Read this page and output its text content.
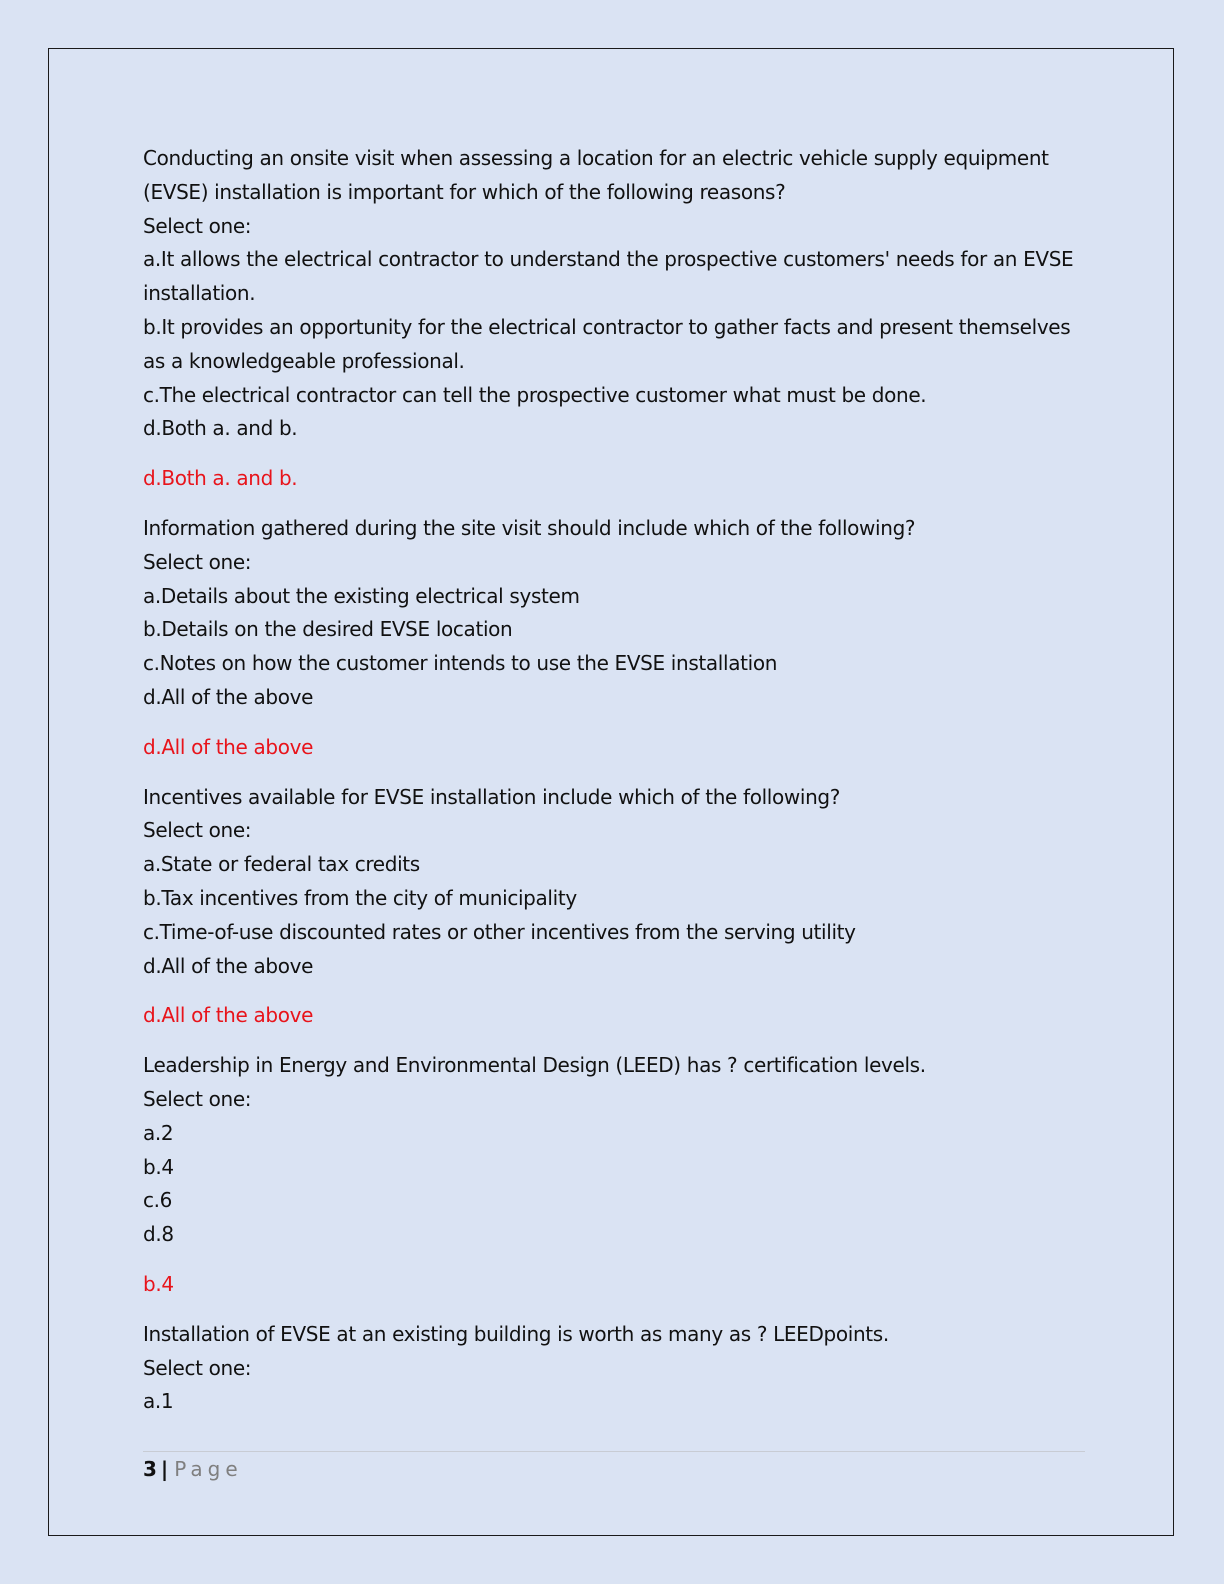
Conducting an onsite visit when assessing a location for an electric vehicle supply equipment (EVSE) installation is important for which of the following reasons?

Select one:

a.It allows the electrical contractor to understand the prospective customers' needs for an EVSE installation.

b.It provides an opportunity for the electrical contractor to gather facts and present themselves as a knowledgeable professional.

c.The electrical contractor can tell the prospective customer what must be done.

d.Both a. and b.

d.Both a. and b.

Information gathered during the site visit should include which of the following?

Select one:

a.Details about the existing electrical system

b.Details on the desired EVSE location

c.Notes on how the customer intends to use the EVSE installation

d.All of the above

d.All of the above

Incentives available for EVSE installation include which of the following?

Select one:

a.State or federal tax credits

b.Tax incentives from the city of municipality

c.Time-of-use discounted rates or other incentives from the serving utility

d.All of the above

d.All of the above

Leadership in Energy and Environmental Design (LEED) has ? certification levels.

Select one:

a.2

b.4

c.6

d.8

b.4

Installation of EVSE at an existing building is worth as many as ? LEEDpoints.

Select one:

a.1

3 | Page
